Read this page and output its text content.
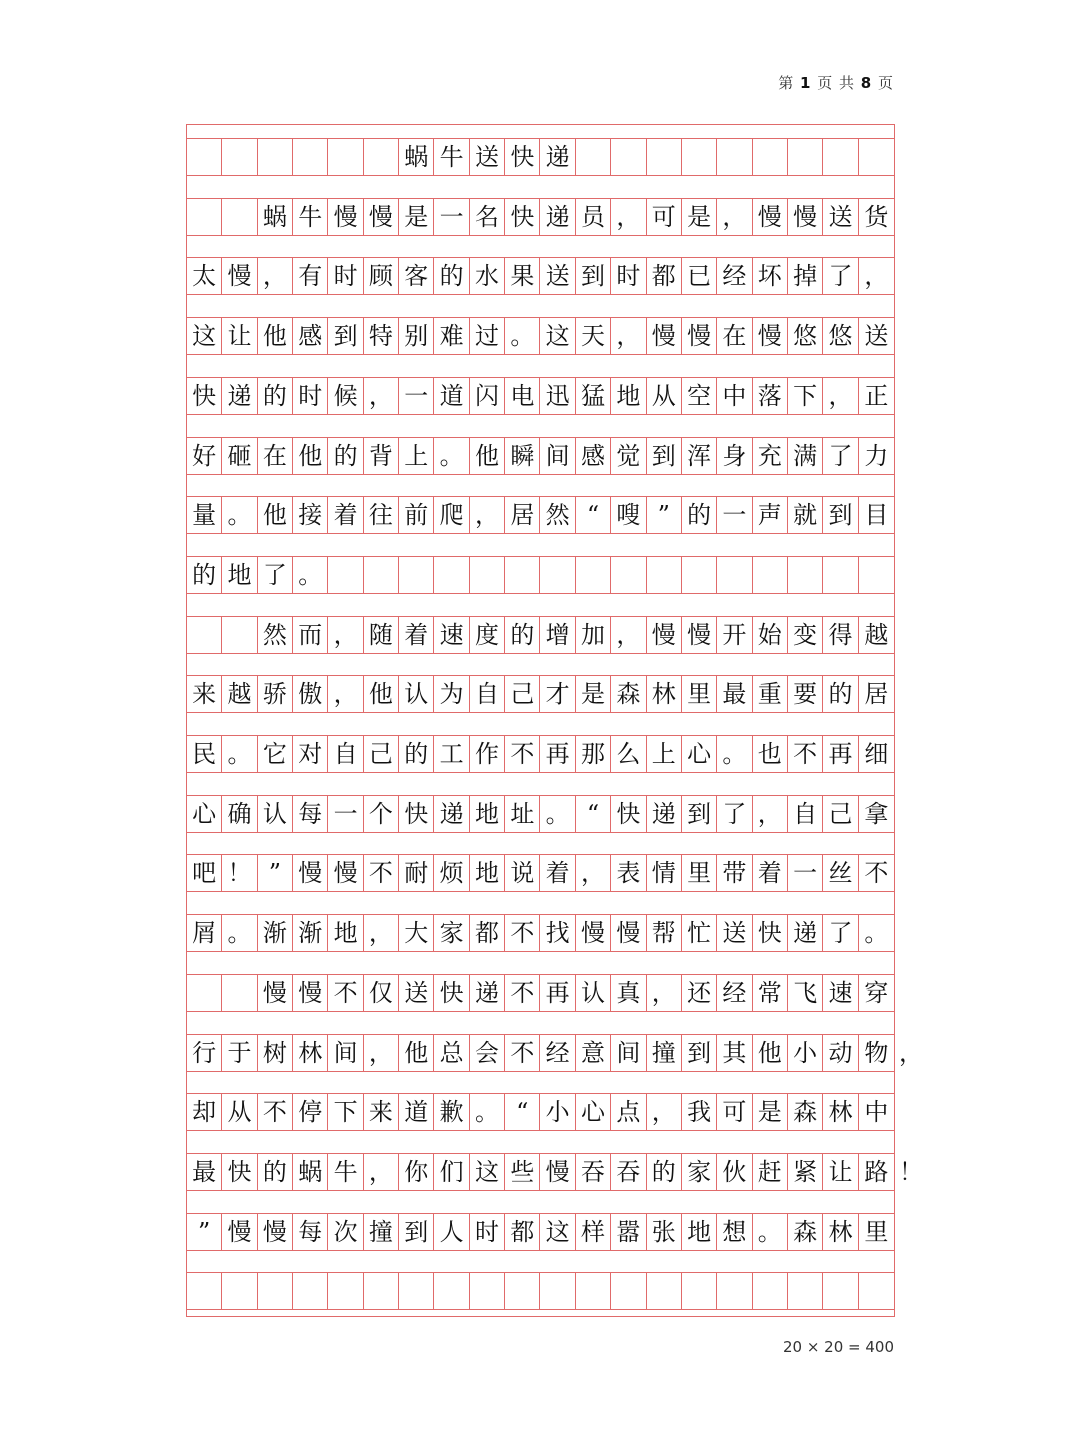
第 1 页 共 8 页
蜗 牛 送 快 递
蜗 牛 慢 慢 是 一 名 快 递 员 ， 可 是 ， 慢 慢 送 货
太 慢 ， 有 时 顾 客 的 水 果 送 到 时 都 已 经 坏 掉 了 ，
这 让 他 感 到 特 别 难 过 。 这 天 ， 慢 慢 在 慢 悠 悠 送
快 递 的 时 候 ， 一 道 闪 电 迅 猛 地 从 空 中 落 下 ， 正
好 砸 在 他 的 背 上 。 他 瞬 间 感 觉 到 浑 身 充 满 了 力
量 。 他 接 着 往 前 爬 ， 居 然 “ 嗖 ” 的 一 声 就 到 目
的 地 了 。
然 而 ， 随 着 速 度 的 增 加 ， 慢 慢 开 始 变 得 越
来 越 骄 傲 ， 他 认 为 自 己 才 是 森 林 里 最 重 要 的 居
民 。 它 对 自 己 的 工 作 不 再 那 么 上 心 。 也 不 再 细
心 确 认 每 一 个 快 递 地 址 。 “ 快 递 到 了 ， 自 己 拿
吧 ！ ” 慢 慢 不 耐 烦 地 说 着 ， 表 情 里 带 着 一 丝 不
屑 。 渐 渐 地 ， 大 家 都 不 找 慢 慢 帮 忙 送 快 递 了 。
慢 慢 不 仅 送 快 递 不 再 认 真 ， 还 经 常 飞 速 穿
行 于 树 林 间 ， 他 总 会 不 经 意 间 撞 到 其 他 小 动 物 ，
却 从 不 停 下 来 道 歉 。 “ 小 心 点 ， 我 可 是 森 林 中
最 快 的 蜗 牛 ， 你 们 这 些 慢 吞 吞 的 家 伙 赶 紧 让 路 ！
” 慢 慢 每 次 撞 到 人 时 都 这 样 嚣 张 地 想 。 森 林 里
20 × 20 = 400
